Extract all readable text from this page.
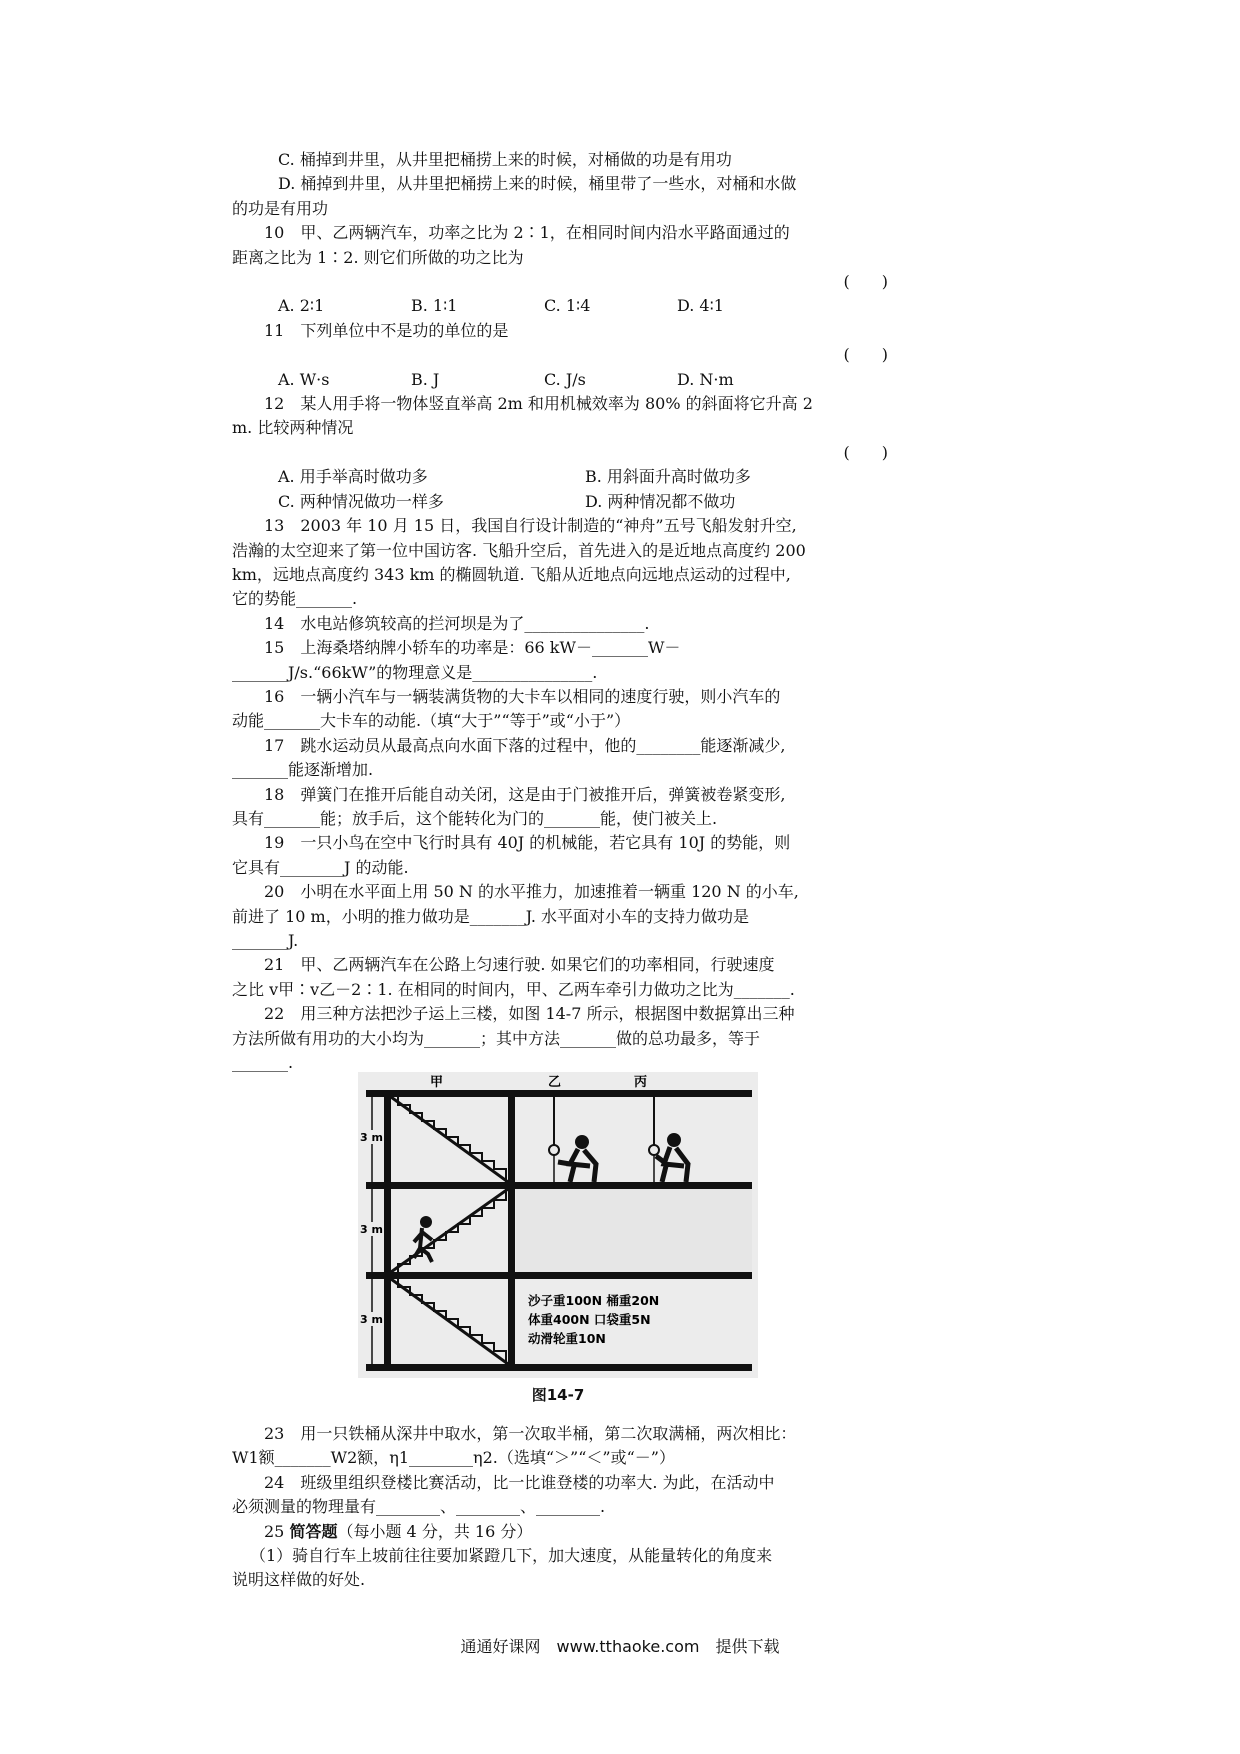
C. 桶掉到井里，从井里把桶捞上来的时候，对桶做的功是有用功

D. 桶掉到井里，从井里把桶捞上来的时候，桶里带了一些水，对桶和水做

的功是有用功

10　甲、乙两辆汽车，功率之比为 2∶1，在相同时间内沿水平路面通过的

距离之比为 1∶2. 则它们所做的功之比为

(　　)

A. 2∶1	B. 1∶1	C. 1∶4	D. 4∶1

11　下列单位中不是功的单位的是

(　　)

A. W·s	B. J	C. J/s	D. N·m

12　某人用手将一物体竖直举高 2m 和用机械效率为 80% 的斜面将它升高 2

m. 比较两种情况

(　　)

A. 用手举高时做功多	B. 用斜面升高时做功多
C. 两种情况做功一样多	D. 两种情况都不做功

13　2003 年 10 月 15 日，我国自行设计制造的“神舟”五号飞船发射升空,

浩瀚的太空迎来了第一位中国访客. 飞船升空后，首先进入的是近地点高度约 200

km，远地点高度约 343 km 的椭圆轨道. 飞船从近地点向远地点运动的过程中,

它的势能_______.

14　水电站修筑较高的拦河坝是为了_______________.

15　上海桑塔纳牌小轿车的功率是：66 kW－_______W－

_______J/s.“66kW”的物理意义是_______________.

16　一辆小汽车与一辆装满货物的大卡车以相同的速度行驶，则小汽车的

动能_______大卡车的动能.（填“大于”“等于”或“小于”）

17　跳水运动员从最高点向水面下落的过程中，他的________能逐渐减少,

_______能逐渐增加.

18　弹簧门在推开后能自动关闭，这是由于门被推开后，弹簧被卷紧变形,

具有_______能；放手后，这个能转化为门的_______能，使门被关上.

19　一只小鸟在空中飞行时具有 40J 的机械能，若它具有 10J 的势能，则

它具有________J 的动能.

20　小明在水平面上用 50 N 的水平推力，加速推着一辆重 120 N 的小车,

前进了 10 m，小明的推力做功是_______J. 水平面对小车的支持力做功是

_______J.

21　甲、乙两辆汽车在公路上匀速行驶. 如果它们的功率相同，行驶速度

之比 v甲∶v乙－2∶1. 在相同的时间内，甲、乙两车牵引力做功之比为_______.

22　用三种方法把沙子运上三楼，如图 14-7 所示，根据图中数据算出三种

方法所做有用功的大小均为_______；其中方法_______做的总功最多，等于

_______.

3 m
3 m
3 m
甲	乙	丙
沙子重100N 桶重20N
体重400N 口袋重5N
动滑轮重10N
图14-7

23　用一只铁桶从深井中取水，第一次取半桶，第二次取满桶，两次相比：

W1额_______W2额，η1________η2.（选填“＞”“＜”或“－”）

24　班级里组织登楼比赛活动，比一比谁登楼的功率大. 为此，在活动中

必须测量的物理量有________、________、________.

25 简答题（每小题 4 分，共 16 分）

（1）骑自行车上坡前往往要加紧蹬几下，加大速度，从能量转化的角度来

说明这样做的好处.

通通好课网　www.tthaoke.com　提供下载
